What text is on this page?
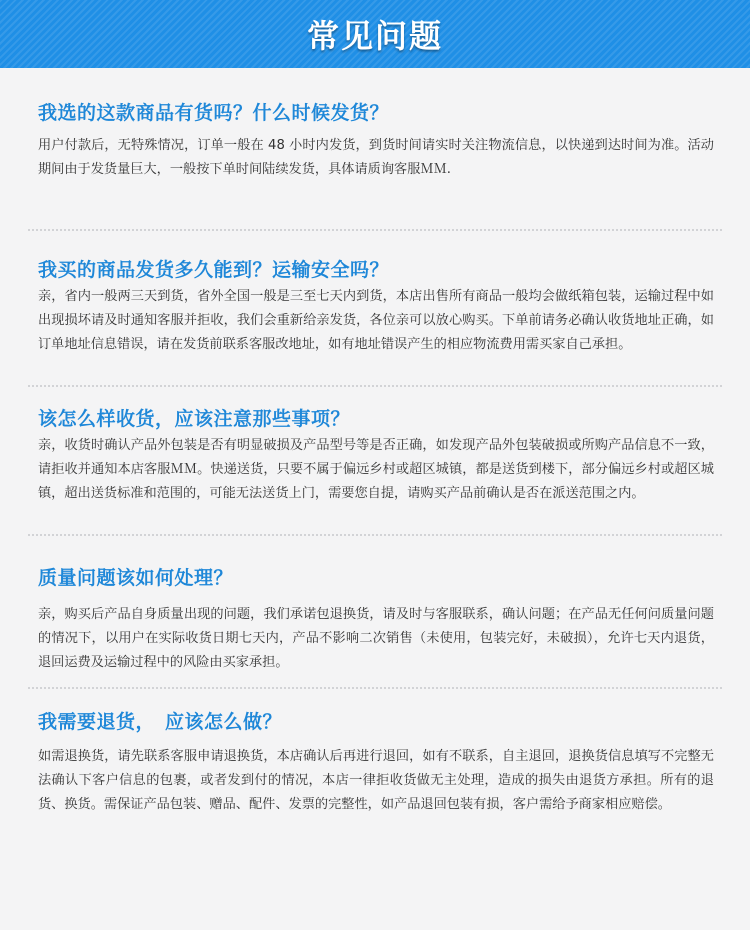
常见问题
我选的这款商品有货吗？什么时候发货？
用户付款后，无特殊情况，订单一般在 48 小时内发货，到货时间请实时关注物流信息，以快递到达时间为准。活动期间由于发货量巨大，一般按下单时间陆续发货，具体请质询客服ＭＭ.
我买的商品发货多久能到？运输安全吗？
亲，省内一般两三天到货，省外全国一般是三至七天内到货，本店出售所有商品一般均会做纸箱包装，运输过程中如出现损坏请及时通知客服并拒收，我们会重新给亲发货，各位亲可以放心购买。下单前请务必确认收货地址正确，如订单地址信息错误，请在发货前联系客服改地址，如有地址错误产生的相应物流费用需买家自己承担。
该怎么样收货，应该注意那些事项？
亲，收货时确认产品外包装是否有明显破损及产品型号等是否正确，如发现产品外包装破损或所购产品信息不一致，请拒收并通知本店客服ＭＭ。快递送货，只要不属于偏远乡村或超区城镇，都是送货到楼下，部分偏远乡村或超区城镇，超出送货标准和范围的，可能无法送货上门，需要您自提，请购买产品前确认是否在派送范围之内。
质量问题该如何处理？
亲，购买后产品自身质量出现的问题，我们承诺包退换货，请及时与客服联系，确认问题；在产品无任何问质量问题的情况下，以用户在实际收货日期七天内，产品不影响二次销售（未使用，包装完好，未破损），允许七天内退货，退回运费及运输过程中的风险由买家承担。
我需要退货，　应该怎么做？
如需退换货，请先联系客服申请退换货，本店确认后再进行退回，如有不联系，自主退回，退换货信息填写不完整无法确认下客户信息的包裹，或者发到付的情况，本店一律拒收货做无主处理，造成的损失由退货方承担。所有的退货、换货。需保证产品包装、赠品、配件、发票的完整性，如产品退回包装有损，客户需给予商家相应赔偿。
